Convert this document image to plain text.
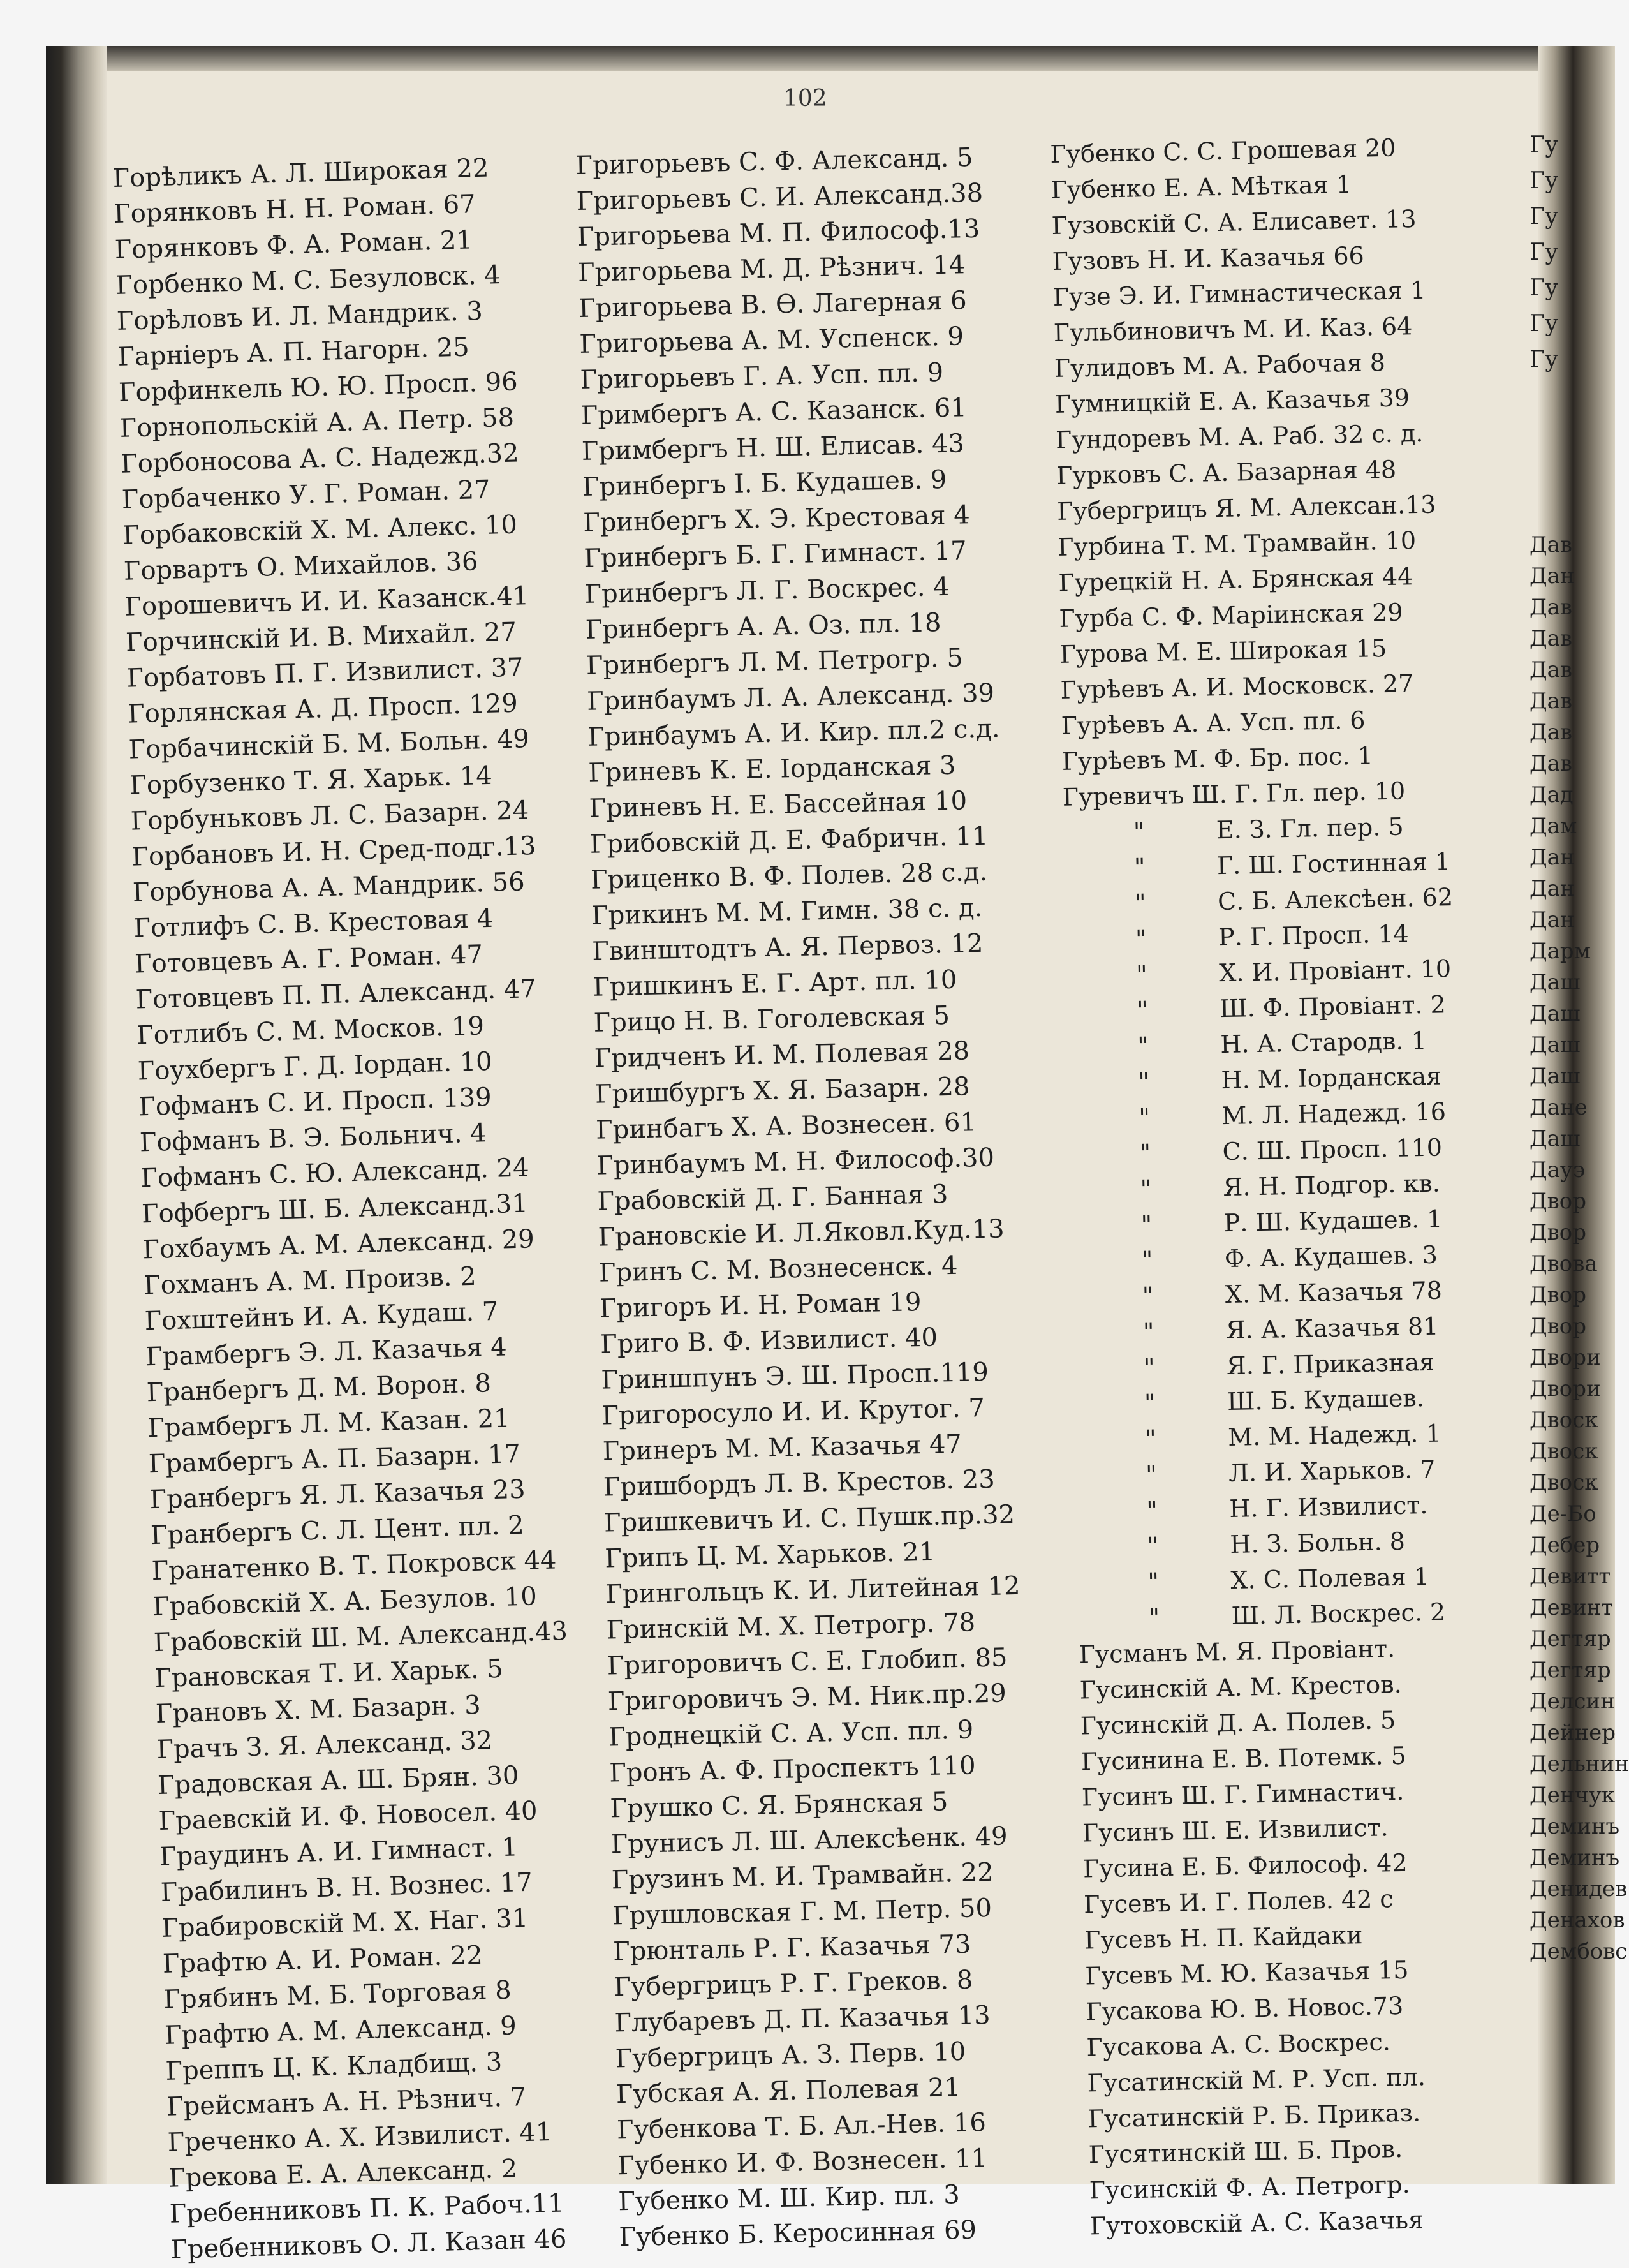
102
Горѣликъ А. Л. Широкая 22
Горянковъ Н. Н. Роман. 67
Горянковъ Ф. А. Роман. 21
Горбенко М. С. Безуловск. 4
Горѣловъ И. Л. Мандрик. 3
Гарніеръ А. П. Нагорн. 25
Горфинкель Ю. Ю. Просп. 96
Горнопольскій А. А. Петр. 58
Горбоносова А. С. Надежд.32
Горбаченко У. Г. Роман. 27
Горбаковскій Х. М. Алекс. 10
Горвартъ О. Михайлов. 36
Горошевичъ И. И. Казанск.41
Горчинскій И. В. Михайл. 27
Горбатовъ П. Г. Извилист. 37
Горлянская А. Д. Просп. 129
Горбачинскій Б. М. Больн. 49
Горбузенко Т. Я. Харьк. 14
Горбуньковъ Л. С. Базарн. 24
Горбановъ И. Н. Сред-подг.13
Горбунова А. А. Мандрик. 56
Готлифъ С. В. Крестовая 4
Готовцевъ А. Г. Роман. 47
Готовцевъ П. П. Александ. 47
Готлибъ С. М. Москов. 19
Гоухбергъ Г. Д. Іордан. 10
Гофманъ С. И. Просп. 139
Гофманъ В. Э. Больнич. 4
Гофманъ С. Ю. Александ. 24
Гофбергъ Ш. Б. Александ.31
Гохбаумъ А. М. Александ. 29
Гохманъ А. М. Произв. 2
Гохштейнъ И. А. Кудаш. 7
Грамбергъ Э. Л. Казачья 4
Гранбергъ Д. М. Ворон. 8
Грамбергъ Л. М. Казан. 21
Грамбергъ А. П. Базарн. 17
Гранбергъ Я. Л. Казачья 23
Гранбергъ С. Л. Цент. пл. 2
Гранатенко В. Т. Покровск 44
Грабовскій Х. А. Безулов. 10
Грабовскій Ш. М. Александ.43
Грановская Т. И. Харьк. 5
Грановъ Х. М. Базарн. 3
Грачъ З. Я. Александ. 32
Градовская А. Ш. Брян. 30
Граевскій И. Ф. Новосел. 40
Граудинъ А. И. Гимнаст. 1
Грабилинъ В. Н. Вознес. 17
Грабировскій М. Х. Наг. 31
Графтю А. И. Роман. 22
Грябинъ М. Б. Торговая 8
Графтю А. М. Александ. 9
Греппъ Ц. К. Кладбищ. 3
Грейсманъ А. Н. Рѣзнич. 7
Греченко А. Х. Извилист. 41
Грекова Е. А. Александ. 2
Гребенниковъ П. К. Рабоч.11
Гребенниковъ О. Л. Казан 46
Григорьевъ С. Ф. Александ. 5
Григорьевъ С. И. Александ.38
Григорьева М. П. Философ.13
Григорьева М. Д. Рѣзнич. 14
Григорьева В. Ѳ. Лагерная 6
Григорьева А. М. Успенск. 9
Григорьевъ Г. А. Усп. пл. 9
Гримбергъ А. С. Казанск. 61
Гримбергъ Н. Ш. Елисав. 43
Гринбергъ I. Б. Кудашев. 9
Гринбергъ Х. Э. Крестовая 4
Гринбергъ Б. Г. Гимнаст. 17
Гринбергъ Л. Г. Воскрес. 4
Гринбергъ А. А. Оз. пл. 18
Гринбергъ Л. М. Петрогр. 5
Гринбаумъ Л. А. Александ. 39
Гринбаумъ А. И. Кир. пл.2 с.д.
Гриневъ К. Е. Іорданская 3
Гриневъ Н. Е. Бассейная 10
Грибовскій Д. Е. Фабричн. 11
Гриценко В. Ф. Полев. 28 с.д.
Грикинъ М. М. Гимн. 38 с. д.
Гвинштодтъ А. Я. Первоз. 12
Гришкинъ Е. Г. Арт. пл. 10
Грицо Н. В. Гоголевская 5
Гридченъ И. М. Полевая 28
Гришбургъ Х. Я. Базарн. 28
Гринбагъ Х. А. Вознесен. 61
Гринбаумъ М. Н. Философ.30
Грабовскій Д. Г. Банная 3
Грановскіе И. Л.Яковл.Куд.13
Гринъ С. М. Вознесенск. 4
Григоръ И. Н. Роман 19
Григо В. Ф. Извилист. 40
Гриншпунъ Э. Ш. Просп.119
Григоросуло И. И. Крутог. 7
Гринеръ М. М. Казачья 47
Гришбордъ Л. В. Крестов. 23
Гришкевичъ И. С. Пушк.пр.32
Грипъ Ц. М. Харьков. 21
Грингольцъ К. И. Литейная 12
Гринскій М. Х. Петрогр. 78
Григоровичъ С. Е. Глобип. 85
Григоровичъ Э. М. Ник.пр.29
Гроднецкій С. А. Усп. пл. 9
Гронъ А. Ф. Проспектъ 110
Грушко С. Я. Брянская 5
Грунисъ Л. Ш. Алексѣенк. 49
Грузинъ М. И. Трамвайн. 22
Грушловская Г. М. Петр. 50
Грюнталь Р. Г. Казачья 73
Губергрицъ Р. Г. Греков. 8
Глубаревъ Д. П. Казачья 13
Губергрицъ А. З. Перв. 10
Губская А. Я. Полевая 21
Губенкова Т. Б. Ал.-Нев. 16
Губенко И. Ф. Вознесен. 11
Губенко М. Ш. Кир. пл. 3
Губенко Б. Керосинная 69
Губенко С. С. Грошевая 20
Губенко Е. А. Мѣткая 1
Гузовскій С. А. Елисавет. 13
Гузовъ Н. И. Казачья 66
Гузе Э. И. Гимнастическая 1
Гульбиновичъ М. И. Каз. 64
Гулидовъ М. А. Рабочая 8
Гумницкій Е. А. Казачья 39
Гундоревъ М. А. Раб. 32 с. д.
Гурковъ С. А. Базарная 48
Губергрицъ Я. М. Алексан.13
Гурбина Т. М. Трамвайн. 10
Гурецкій Н. А. Брянская 44
Гурба С. Ф. Маріинская 29
Гурова М. Е. Широкая 15
Гурѣевъ А. И. Московск. 27
Гурѣевъ А. А. Усп. пл. 6
Гурѣевъ М. Ф. Бр. пос. 1
Гуревичъ Ш. Г. Гл. пер. 10
"	Е. З. Гл. пер. 5
"	Г. Ш. Гостинная 1
"	С. Б. Алексѣен. 62
"	Р. Г. Просп. 14
"	Х. И. Провіант. 10
"	Ш. Ф. Провіант. 2
"	Н. А. Стародв. 1
"	Н. М. Іорданская
"	М. Л. Надежд. 16
"	С. Ш. Просп. 110
"	Я. Н. Подгор. кв.
"	Р. Ш. Кудашев. 1
"	Ф. А. Кудашев. 3
"	Х. М. Казачья 78
"	Я. А. Казачья 81
"	Я. Г. Приказная
"	Ш. Б. Кудашев.
"	М. М. Надежд. 1
"	Л. И. Харьков. 7
"	Н. Г. Извилист.
"	Н. З. Больн. 8
"	Х. С. Полевая 1
"	Ш. Л. Воскрес. 2
Гусманъ М. Я. Провіант.
Гусинскій А. М. Крестов.
Гусинскій Д. А. Полев. 5
Гусинина Е. В. Потемк. 5
Гусинъ Ш. Г. Гимнастич.
Гусинъ Ш. Е. Извилист.
Гусина Е. Б. Философ. 42
Гусевъ И. Г. Полев. 42 с
Гусевъ Н. П. Кайдаки
Гусевъ М. Ю. Казачья 15
Гусакова Ю. В. Новос.73
Гусакова А. С. Воскрес.
Гусатинскій М. Р. Усп. пл.
Гусатинскій Р. Б. Приказ.
Гусятинскій Ш. Б. Пров.
Гусинскій Ф. А. Петрогр.
Гутоховскій А. С. Казачья
Гу
Гу
Гу
Гу
Гу
Гу
Гу
Дав
Дан
Дав
Дав
Дав
Дав
Дав
Дав
Дад
Дам
Дан
Дан
Дан
Дарм
Даш
Даш
Даш
Даш
Дане
Даш
Дауэ
Двор
Двор
Двова
Двор
Двор
Двори
Двори
Двоск
Двоск
Двоск
Де-Бо
Дебер
Девитт
Девинт
Дегтяр
Дегтяр
Делсин
Дейнер
Дельнин
Денчук
Деминъ
Деминъ
Денидев
Денахов
Дембовс
